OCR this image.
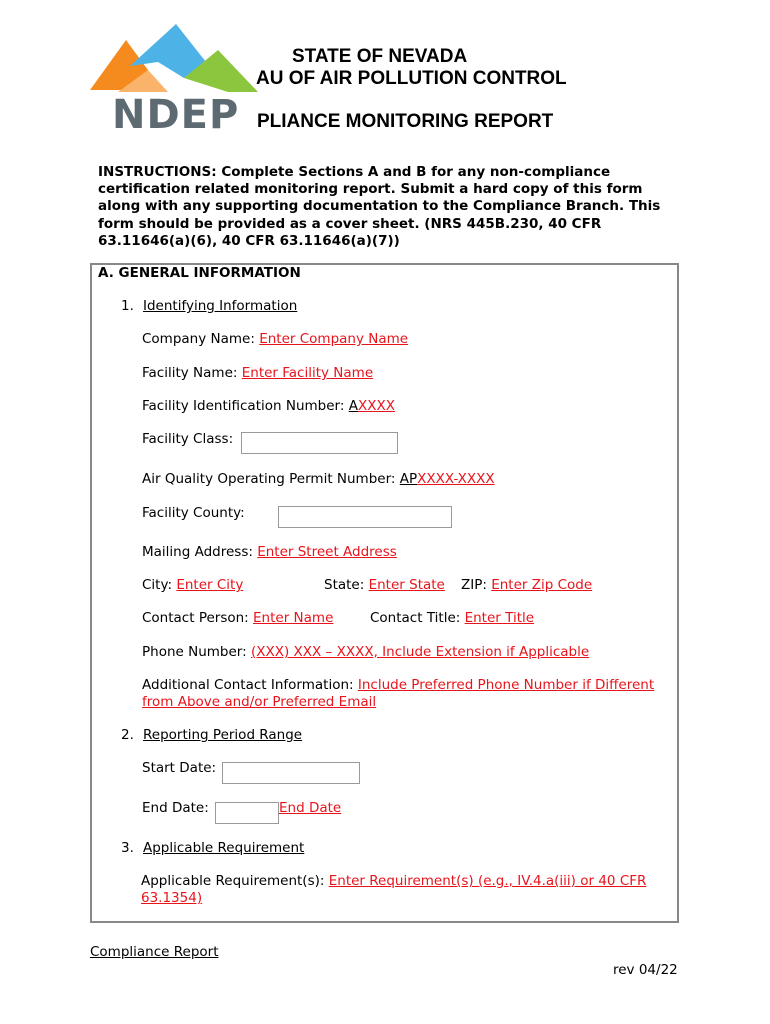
NDEP
STATE OF NEVADA
AU OF AIR POLLUTION CONTROL
PLIANCE MONITORING REPORT
INSTRUCTIONS: Complete Sections A and B for any non-compliance certification related monitoring report. Submit a hard copy of this form along with any supporting documentation to the Compliance Branch. This form should be provided as a cover sheet. (NRS 445B.230, 40 CFR 63.11646(a)(6), 40 CFR 63.11646(a)(7))
A. GENERAL INFORMATION
1. Identifying Information
Company Name: Enter Company Name
Facility Name: Enter Facility Name
Facility Identification Number: AXXXX
Facility Class:
Air Quality Operating Permit Number: APXXXX-XXXX
Facility County:
Mailing Address: Enter Street Address
City: Enter City	State: Enter State ZIP: Enter Zip Code
Contact Person: Enter Name	Contact Title: Enter Title
Phone Number: (XXX) XXX – XXXX, Include Extension if Applicable
Additional Contact Information: Include Preferred Phone Number if Different
from Above and/or Preferred Email
2. Reporting Period Range
Start Date:
End Date:	End Date
3. Applicable Requirement
Applicable Requirement(s): Enter Requirement(s) (e.g., IV.4.a(iii) or 40 CFR
63.1354)
Compliance Report
rev 04/22
